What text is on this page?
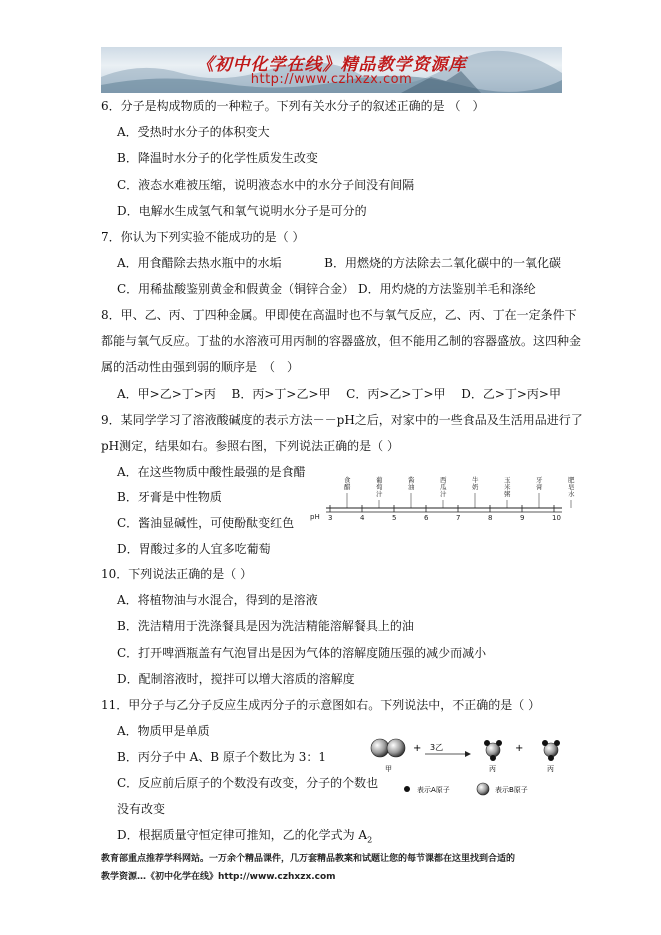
《初中化学在线》精品教学资源库
http://www.czhxzx.com
6．分子是构成物质的一种粒子。下列有关水分子的叙述正确的是 （　）
A．受热时水分子的体积变大
B．降温时水分子的化学性质发生改变
C．液态水难被压缩，说明液态水中的水分子间没有间隔
D．电解水生成氢气和氧气说明水分子是可分的
7．你认为下列实验不能成功的是（ ）
A．用食醋除去热水瓶中的水垢	B．用燃烧的方法除去二氧化碳中的一氧化碳
C．用稀盐酸鉴别黄金和假黄金（铜锌合金） D．用灼烧的方法鉴别羊毛和涤纶
8．甲、乙、丙、丁四种金属。甲即使在高温时也不与氧气反应，乙、丙、丁在一定条件下
都能与氧气反应。丁盐的水溶液可用丙制的容器盛放，但不能用乙制的容器盛放。这四种金
属的活动性由强到弱的顺序是　（　）
A．甲>乙>丁>丙 B．丙>丁>乙>甲 C．丙>乙>丁>甲 D．乙>丁>丙>甲
9．某同学学习了溶液酸碱度的表示方法－－pH之后，对家中的一些食品及生活用品进行了
pH测定，结果如右。参照右图，下列说法正确的是（ ）
A．在这些物质中酸性最强的是食醋
B．牙膏是中性物质
C．酱油显碱性，可使酚酞变红色
D．胃酸过多的人宜多吃葡萄
食
醋
葡
萄
汁
酱
油
西
瓜
汁
牛
奶
玉
米
粥
牙
膏
肥
皂
水
pH 3	4	5	6	7	8	9	10
10．下列说法正确的是（ ）
A．将植物油与水混合，得到的是溶液
B．洗洁精用于洗涤餐具是因为洗洁精能溶解餐具上的油
C．打开啤酒瓶盖有气泡冒出是因为气体的溶解度随压强的减少而减小
D．配制溶液时，搅拌可以增大溶质的溶解度
11．甲分子与乙分子反应生成丙分子的示意图如右。下列说法中，不正确的是（ ）
A．物质甲是单质
B．丙分子中 A、B 原子个数比为 3：1
C．反应前后原子的个数没有改变，分子的个数也
没有改变
D．根据质量守恒定律可推知，乙的化学式为 $A_2$
甲
+ 3乙
丙
+
丙
表示A原子	表示B原子
教育部重点推荐学科网站。一万余个精品课件，几万套精品教案和试题让您的每节课都在这里找到合适的
教学资源…《初中化学在线》http://www.czhxzx.com
